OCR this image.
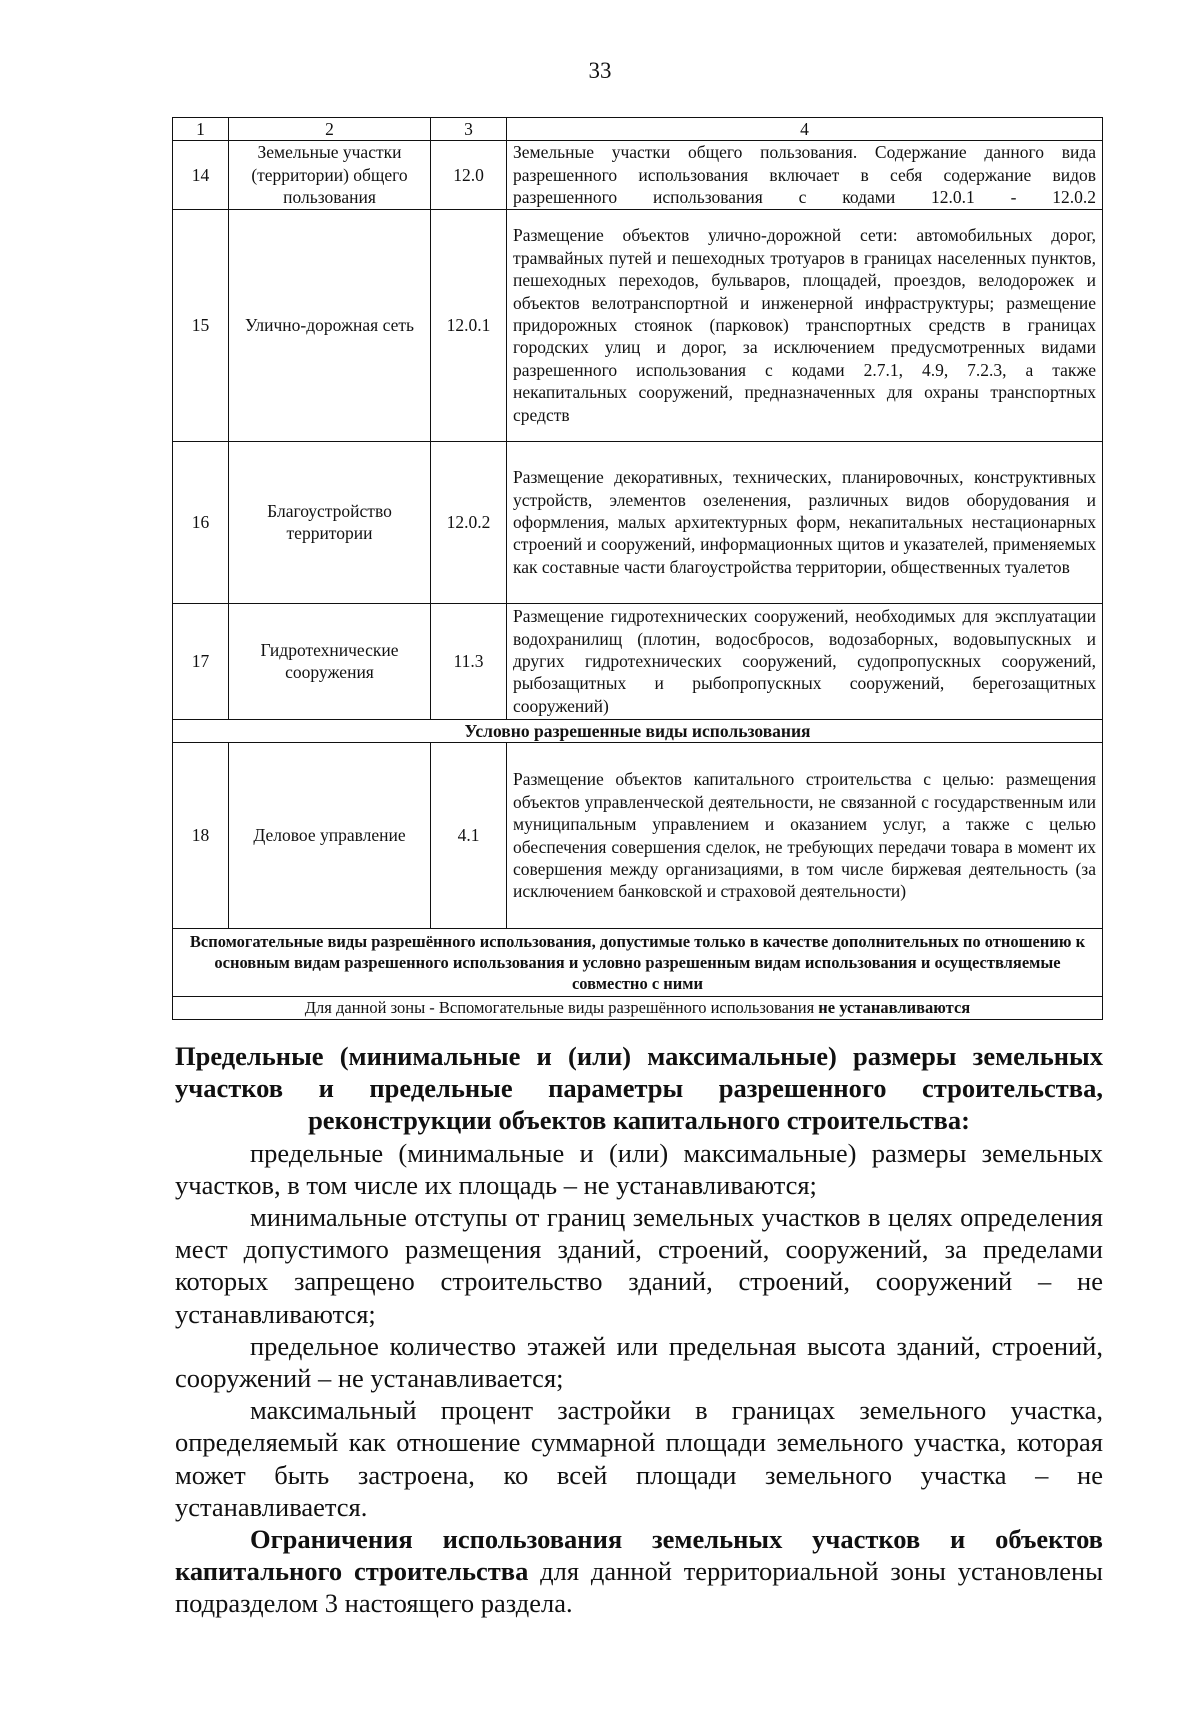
33
1	2	3	4
14	Земельные участки (территории) общего пользования	12.0	Земельные участки общего пользования. Содержание данного вида разрешенного использования включает в себя содержание видов разрешенного использования с кодами 12.0.1 - 12.0.2
15	Улично-дорожная сеть	12.0.1	Размещение объектов улично-дорожной сети: автомобильных дорог, трамвайных путей и пешеходных тротуаров в границах населенных пунктов, пешеходных переходов, бульваров, площадей, проездов, велодорожек и объектов велотранспортной и инженерной инфраструктуры; размещение придорожных стоянок (парковок) транспортных средств в границах городских улиц и дорог, за исключением предусмотренных видами разрешенного использования с кодами 2.7.1, 4.9, 7.2.3, а также некапитальных сооружений, предназначенных для охраны транспортных средств
16	Благоустройство территории	12.0.2	Размещение декоративных, технических, планировочных, конструктивных устройств, элементов озеленения, различных видов оборудования и оформления, малых архитектурных форм, некапитальных нестационарных строений и сооружений, информационных щитов и указателей, применяемых как составные части благоустройства территории, общественных туалетов
17	Гидротехнические сооружения	11.3	Размещение гидротехнических сооружений, необходимых для эксплуатации водохранилищ (плотин, водосбросов, водозаборных, водовыпускных и других гидротехнических сооружений, судопропускных сооружений, рыбозащитных и рыбопропускных сооружений, берегозащитных сооружений)
Условно разрешенные виды использования			
18	Деловое управление	4.1	Размещение объектов капитального строительства с целью: размещения объектов управленческой деятельности, не связанной с государственным или муниципальным управлением и оказанием услуг, а также с целью обеспечения совершения сделок, не требующих передачи товара в момент их совершения между организациями, в том числе биржевая деятельность (за исключением банковской и страховой деятельности)
Вспомогательные виды разрешённого использования, допустимые только в качестве дополнительных по отношению к основным видам разрешенного использования и условно разрешенным видам использования и осуществляемые совместно с ними			
Для данной зоны - Вспомогательные виды разрешённого использования не устанавливаются			

Предельные (минимальные и (или) максимальные) размеры земельных участков и предельные параметры разрешенного строительства, реконструкции объектов капитального строительства:

предельные (минимальные и (или) максимальные) размеры земельных участков, в том числе их площадь – не устанавливаются;

минимальные отступы от границ земельных участков в целях определения мест допустимого размещения зданий, строений, сооружений, за пределами которых запрещено строительство зданий, строений, сооружений – не устанавливаются;

предельное количество этажей или предельная высота зданий, строений, сооружений – не устанавливается;

максимальный процент застройки в границах земельного участка, определяемый как отношение суммарной площади земельного участка, которая может быть застроена, ко всей площади земельного участка – не устанавливается.

Ограничения использования земельных участков и объектов капитального строительства для данной территориальной зоны установлены подразделом 3 настоящего раздела.
